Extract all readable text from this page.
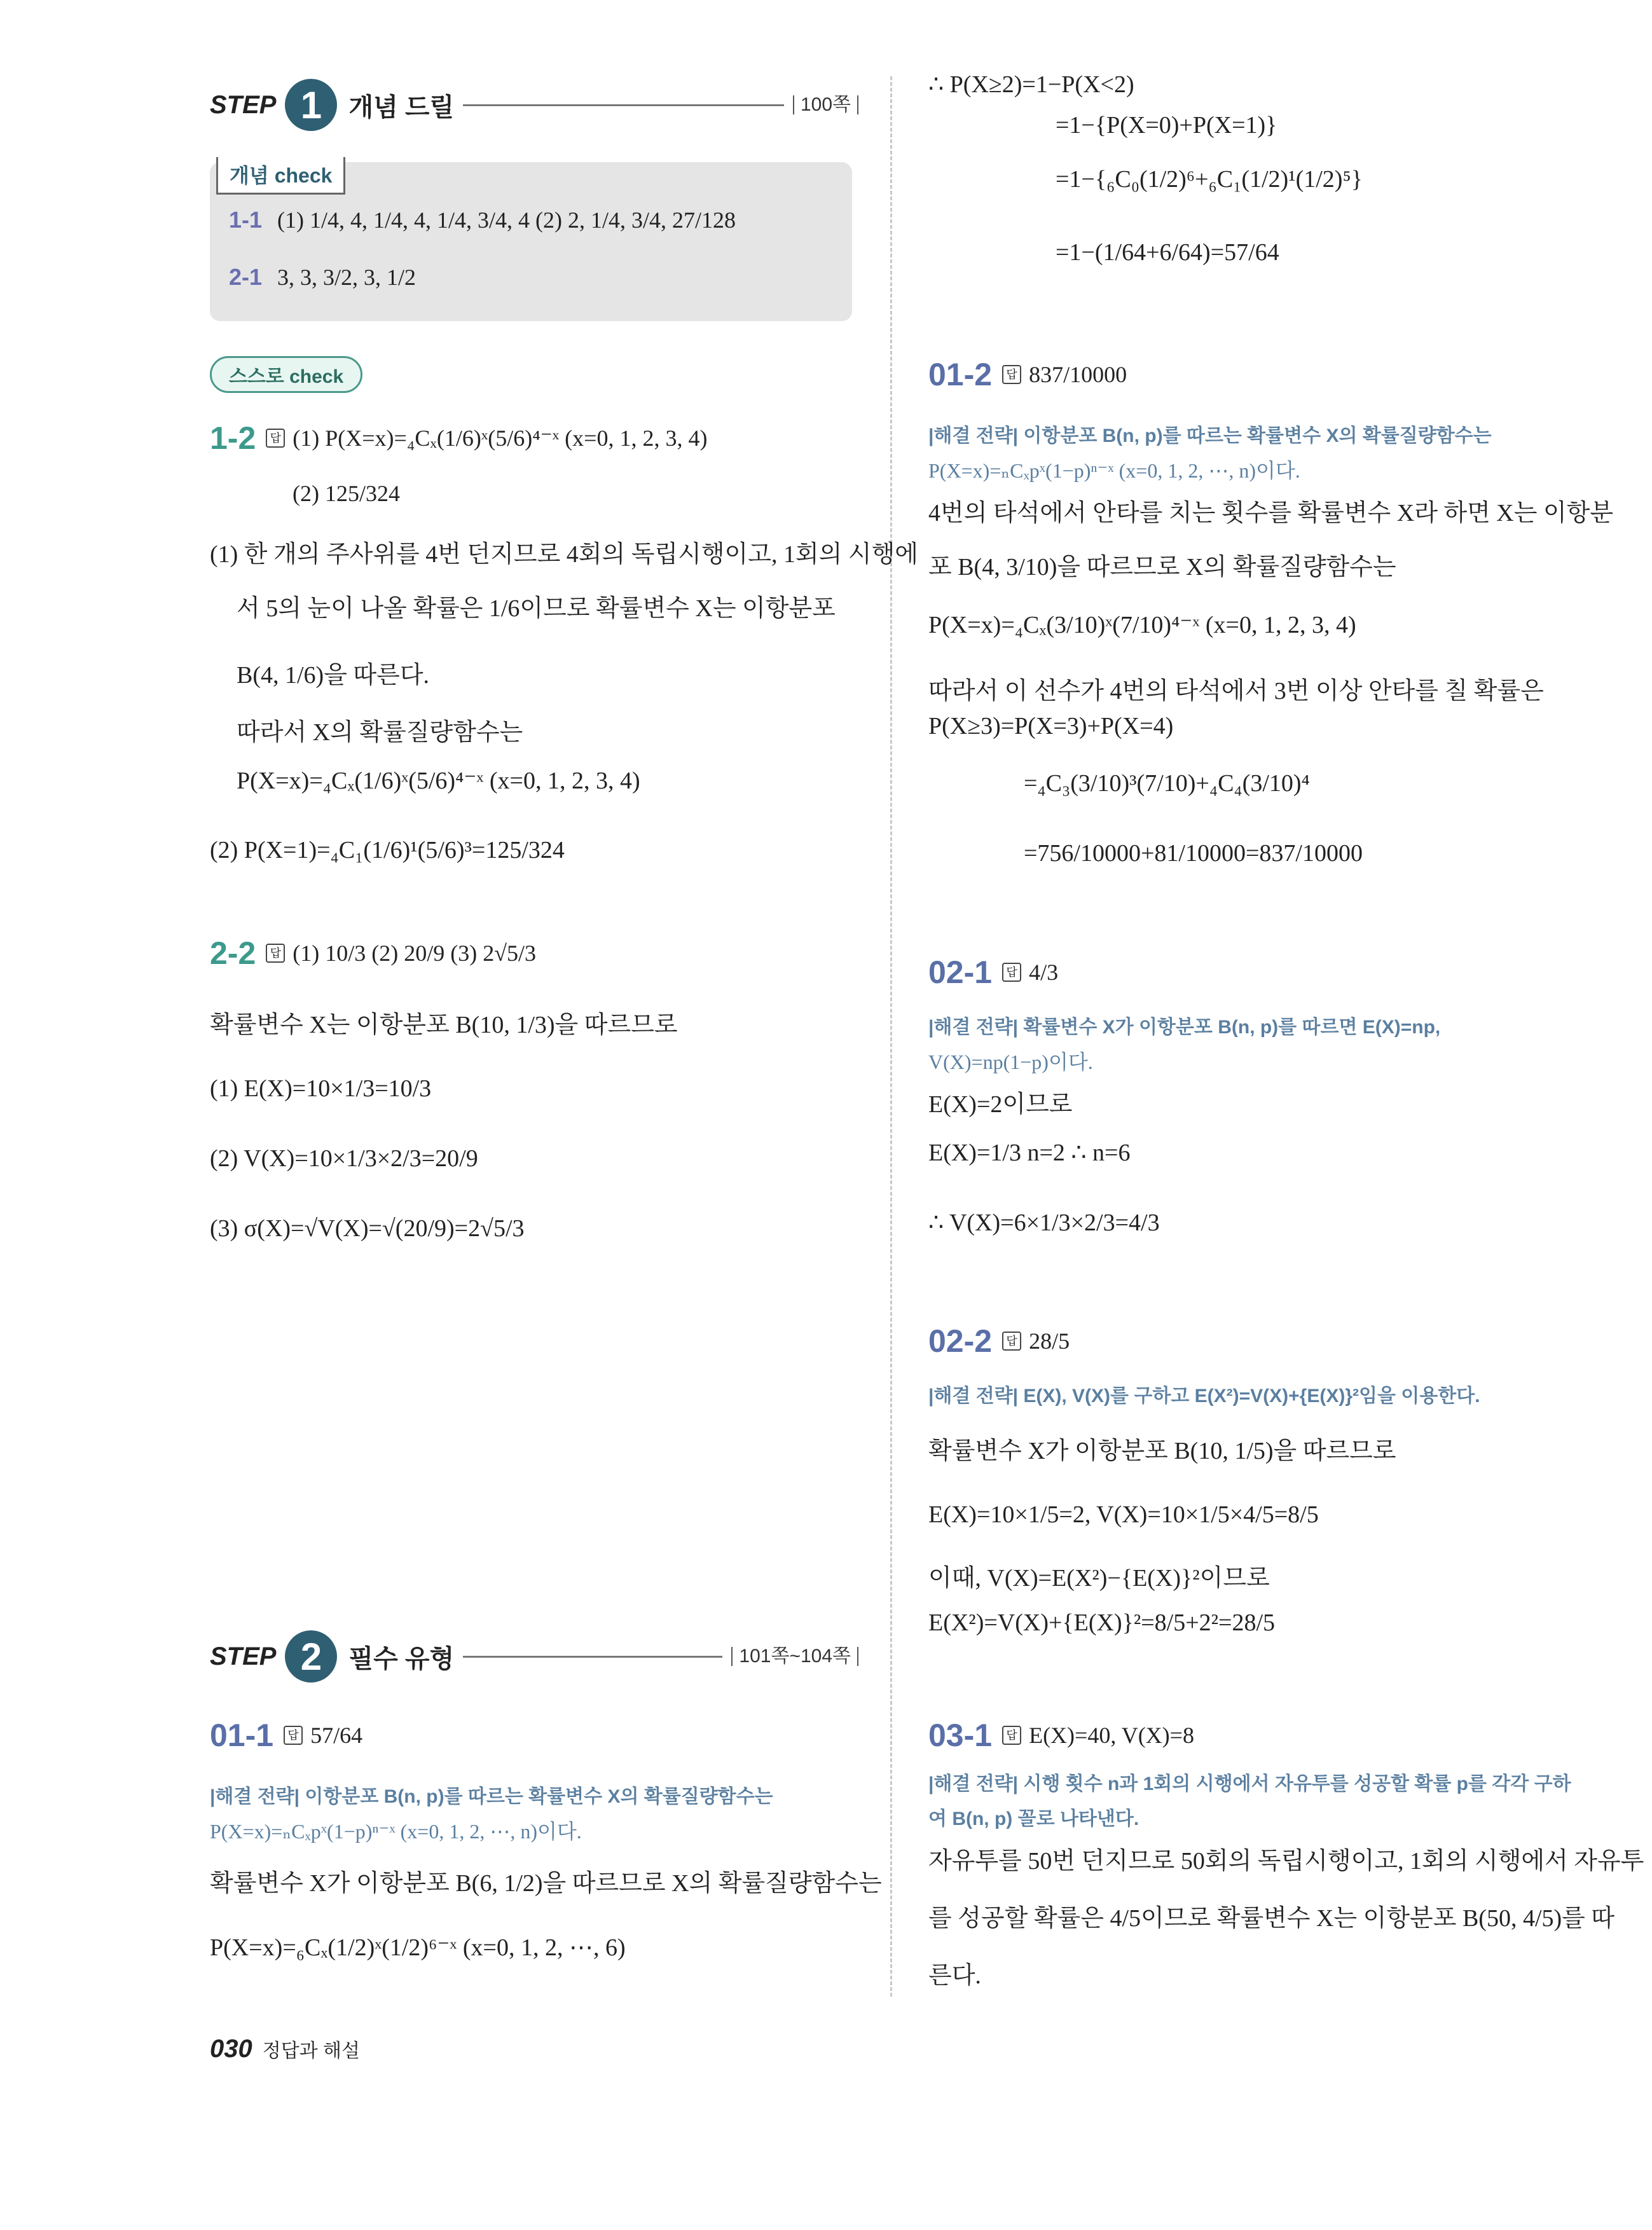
STEP 1	개념 드릴	100쪽
개념 check
1-1 (1) 1/4, 4, 1/4, 4, 1/4, 3/4, 4 (2) 2, 1/4, 3/4, 27/128
2-1 3, 3, 3/2, 3, 1/2
스스로 check
1-2	답 (1) P(X=x)=₄Cₓ(1/6)ˣ(5/6)⁴⁻ˣ (x=0, 1, 2, 3, 4)
(2) 125/324
(1) 한 개의 주사위를 4번 던지므로 4회의 독립시행이고, 1회의 시행에
서 5의 눈이 나올 확률은 1/6이므로 확률변수 X는 이항분포
B(4, 1/6)을 따른다.
따라서 X의 확률질량함수는
P(X=x)=₄Cₓ(1/6)ˣ(5/6)⁴⁻ˣ (x=0, 1, 2, 3, 4)
(2) P(X=1)=₄C₁(1/6)¹(5/6)³=125/324
2-2	답 (1) 10/3 (2) 20/9 (3) 2√5/3
확률변수 X는 이항분포 B(10, 1/3)을 따르므로
(1) E(X)=10×1/3=10/3
(2) V(X)=10×1/3×2/3=20/9
(3) σ(X)=√V(X)=√(20/9)=2√5/3
STEP 2	필수 유형	101쪽~104쪽
01-1	답 57/64
|해결 전략| 이항분포 B(n, p)를 따르는 확률변수 X의 확률질량함수는
P(X=x)=ₙCₓpˣ(1−p)ⁿ⁻ˣ (x=0, 1, 2, ⋯, n)이다.
확률변수 X가 이항분포 B(6, 1/2)을 따르므로 X의 확률질량함수는
P(X=x)=₆Cₓ(1/2)ˣ(1/2)⁶⁻ˣ (x=0, 1, 2, ⋯, 6)
∴ P(X≥2)=1−P(X<2)
=1−{P(X=0)+P(X=1)}
=1−{₆C₀(1/2)⁶+₆C₁(1/2)¹(1/2)⁵}
=1−(1/64+6/64)=57/64
01-2	답 837/10000
|해결 전략| 이항분포 B(n, p)를 따르는 확률변수 X의 확률질량함수는
P(X=x)=ₙCₓpˣ(1−p)ⁿ⁻ˣ (x=0, 1, 2, ⋯, n)이다.
4번의 타석에서 안타를 치는 횟수를 확률변수 X라 하면 X는 이항분
포 B(4, 3/10)을 따르므로 X의 확률질량함수는
P(X=x)=₄Cₓ(3/10)ˣ(7/10)⁴⁻ˣ (x=0, 1, 2, 3, 4)
따라서 이 선수가 4번의 타석에서 3번 이상 안타를 칠 확률은
P(X≥3)=P(X=3)+P(X=4)
=₄C₃(3/10)³(7/10)+₄C₄(3/10)⁴
=756/10000+81/10000=837/10000
02-1	답 4/3
|해결 전략| 확률변수 X가 이항분포 B(n, p)를 따르면 E(X)=np,
V(X)=np(1−p)이다.
E(X)=2이므로
E(X)=1/3 n=2 ∴ n=6
∴ V(X)=6×1/3×2/3=4/3
02-2	답 28/5
|해결 전략| E(X), V(X)를 구하고 E(X²)=V(X)+{E(X)}²임을 이용한다.
확률변수 X가 이항분포 B(10, 1/5)을 따르므로
E(X)=10×1/5=2, V(X)=10×1/5×4/5=8/5
이때, V(X)=E(X²)−{E(X)}²이므로
E(X²)=V(X)+{E(X)}²=8/5+2²=28/5
03-1	답 E(X)=40, V(X)=8
|해결 전략| 시행 횟수 n과 1회의 시행에서 자유투를 성공할 확률 p를 각각 구하
여 B(n, p) 꼴로 나타낸다.
자유투를 50번 던지므로 50회의 독립시행이고, 1회의 시행에서 자유투
를 성공할 확률은 4/5이므로 확률변수 X는 이항분포 B(50, 4/5)를 따
른다.
030 정답과 해설
